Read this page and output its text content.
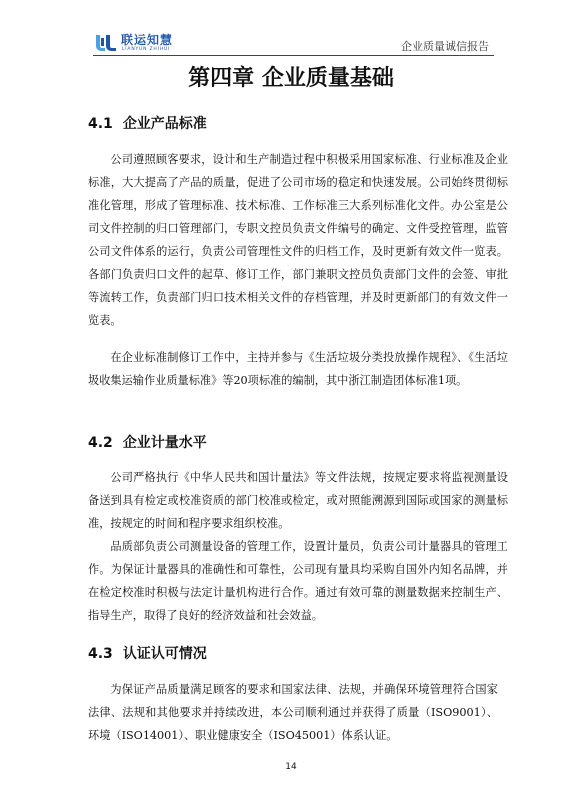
联运知慧
LIANYUN ZHIHUI	企业质量诚信报告
第四章 企业质量基础
4.1 企业产品标准

公司遵照顾客要求，设计和生产制造过程中积极采用国家标准、行业标准及企业标准，大大提高了产品的质量，促进了公司市场的稳定和快速发展。公司始终贯彻标准化管理，形成了管理标准、技术标准、工作标准三大系列标准化文件。办公室是公司文件控制的归口管理部门，专职文控员负责文件编号的确定、文件受控管理，监管公司文件体系的运行，负责公司管理性文件的归档工作，及时更新有效文件一览表。各部门负责归口文件的起草、修订工作，部门兼职文控员负责部门文件的会签、审批等流转工作，负责部门归口技术相关文件的存档管理，并及时更新部门的有效文件一览表。

在企业标准制修订工作中，主持并参与《生活垃圾分类投放操作规程》、《生活垃圾收集运输作业质量标准》等20项标准的编制，其中浙江制造团体标准1项。

4.2 企业计量水平

公司严格执行《中华人民共和国计量法》等文件法规，按规定要求将监视测量设备送到具有检定或校准资质的部门校准或检定，或对照能溯源到国际或国家的测量标准，按规定的时间和程序要求组织校准。

品质部负责公司测量设备的管理工作，设置计量员，负责公司计量器具的管理工作。为保证计量器具的准确性和可靠性，公司现有量具均采购自国外内知名品牌，并在检定校准时积极与法定计量机构进行合作。通过有效可靠的测量数据来控制生产、指导生产，取得了良好的经济效益和社会效益。

4.3 认证认可情况

为保证产品质量满足顾客的要求和国家法律、法规，并确保环境管理符合国家法律、法规和其他要求并持续改进，本公司顺利通过并获得了质量（ISO9001）、环境（ISO14001）、职业健康安全（ISO45001）体系认证。

14
